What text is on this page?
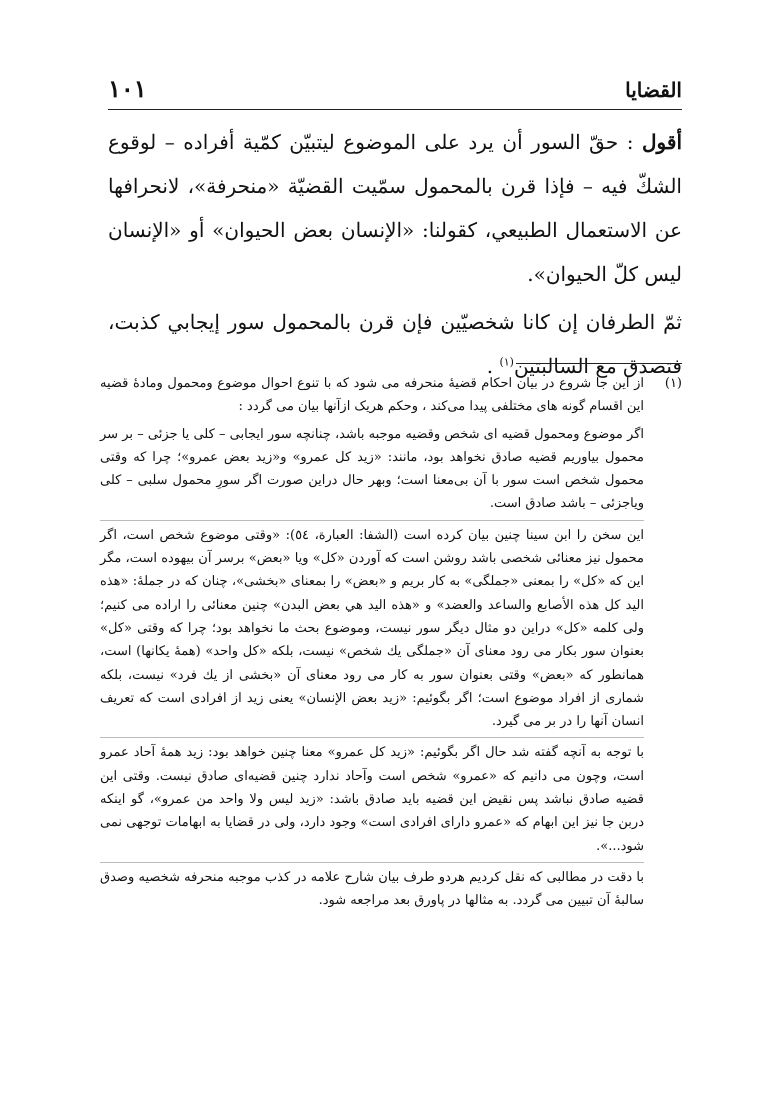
القضايا
١٠١

أقول : حقّ السور أن يرد على الموضوع ليتبيّن كمّية أفراده – لوقوع الشكّ فيه – فإذا قرن بالمحمول سمّيت القضيّة «منحرفة»، لانحرافها عن الاستعمال الطبيعي، كقولنا: «الإنسان بعض الحيوان» أو «الإنسان ليس كلّ الحيوان».

ثمّ الطرفان إن كانا شخصيّين فإن قرن بالمحمول سور إيجابي كذبت، فتصدق مع السالبتين$^{(١)}$ .

(١)

از این جا شروع در بیان احکام قضیهٔ منحرفه می شود که با تنوع احوال موضوع ومحمول ومادهٔ قضیه این اقسام گونه های مختلفی پیدا می‌کند ، وحکم هریک ازآنها بیان می گردد :

اگر موضوع ومحمول قضیه ای شخص وقضیه موجبه باشد، چنانچه سور ایجابی – کلی یا جزئی – بر سر محمول بیاوریم قضیه صادق نخواهد بود، مانند: «زید کل عمرو» و«زید بعض عمرو»؛ چرا که وقتی محمول شخص است سور با آن بی‌معنا است؛ وبهر حال دراین صورت اگر سورِ محمول سلبی – کلی ویاجزئی – باشد صادق است.

این سخن را ابن سینا چنین بیان کرده است (الشفا: العبارة، ٥٤): «وقتی موضوع شخص است، اگر محمول نیز معنائی شخصی باشد روشن است که آوردن «کل» ویا «بعض» برسر آن بیهوده است، مگر این که «کل» را بمعنی «جملگی» به کار بریم و «بعض» را بمعنای «بخشی»، چنان که در جملهٔ: «هذه الید کل هذه الأصابع والساعد والعضد» و «هذه الید هي بعض البدن» چنین معنائی را اراده می کنیم؛ ولی کلمه «کل» دراین دو مثال دیگر سور نیست، وموضوع بحث ما نخواهد بود؛ چرا که وقتی «کل» بعنوان سور بکار می رود معنای آن «جملگی یك شخص» نیست، بلکه «کل واحد» (همهٔ یکانها) است، همانطور که «بعض» وقتی بعنوان سور به کار می رود معنای آن «بخشی از یك فرد» نیست، بلکه شماری از افراد موضوع است؛ اگر بگوئیم: «زید بعض الإنسان» یعنی زید از افرادی است که تعریف انسان آنها را در بر می گیرد.

با توجه به آنچه گفته شد حال اگر بگوئیم: «زید کل عمرو» معنا چنین خواهد بود: زید همهٔ آحاد عمرو است، وچون می دانیم که «عمرو» شخص است وآحاد ندارد چنین قضیه‌ای صادق نیست. وقتی این قضیه صادق نباشد پس نقیض این قضیه باید صادق باشد: «زید لیس ولا واحد من عمرو»، گو اینکه دربن جا نیز این ابهام که «عمرو دارای افرادی است» وجود دارد، ولی در قضایا به ابهامات توجهی نمی شود...».

با دقت در مطالبی که نقل کردیم هردو طرف بیان شارح علامه در کذب موجبه منحرفه شخصیه وصدق سالبهٔ آن تبیین می گردد. به مثالها در پاورق بعد مراجعه شود.
